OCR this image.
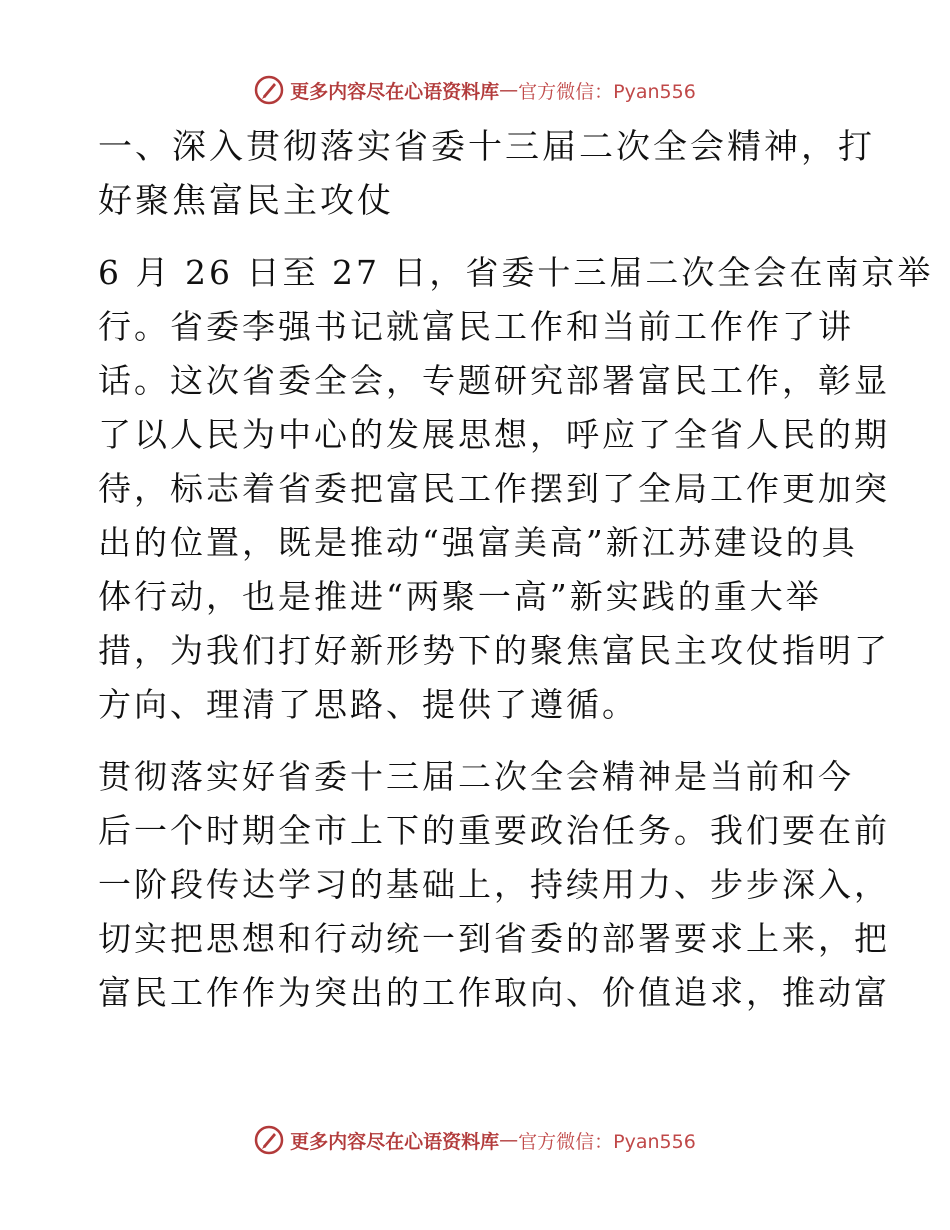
更多内容尽在心语资料库 — 官方微信：Pyan556
一、深入贯彻落实省委十三届二次全会精神，打
好聚焦富民主攻仗
6 月 26 日至 27 日，省委十三届二次全会在南京举
行。省委李强书记就富民工作和当前工作作了讲
话。这次省委全会，专题研究部署富民工作，彰显
了以人民为中心的发展思想，呼应了全省人民的期
待，标志着省委把富民工作摆到了全局工作更加突
出的位置，既是推动“强富美高”新江苏建设的具
体行动，也是推进“两聚一高”新实践的重大举
措，为我们打好新形势下的聚焦富民主攻仗指明了
方向、理清了思路、提供了遵循。
贯彻落实好省委十三届二次全会精神是当前和今
后一个时期全市上下的重要政治任务。我们要在前
一阶段传达学习的基础上，持续用力、步步深入，
切实把思想和行动统一到省委的部署要求上来，把
富民工作作为突出的工作取向、价值追求，推动富
更多内容尽在心语资料库 — 官方微信：Pyan556
